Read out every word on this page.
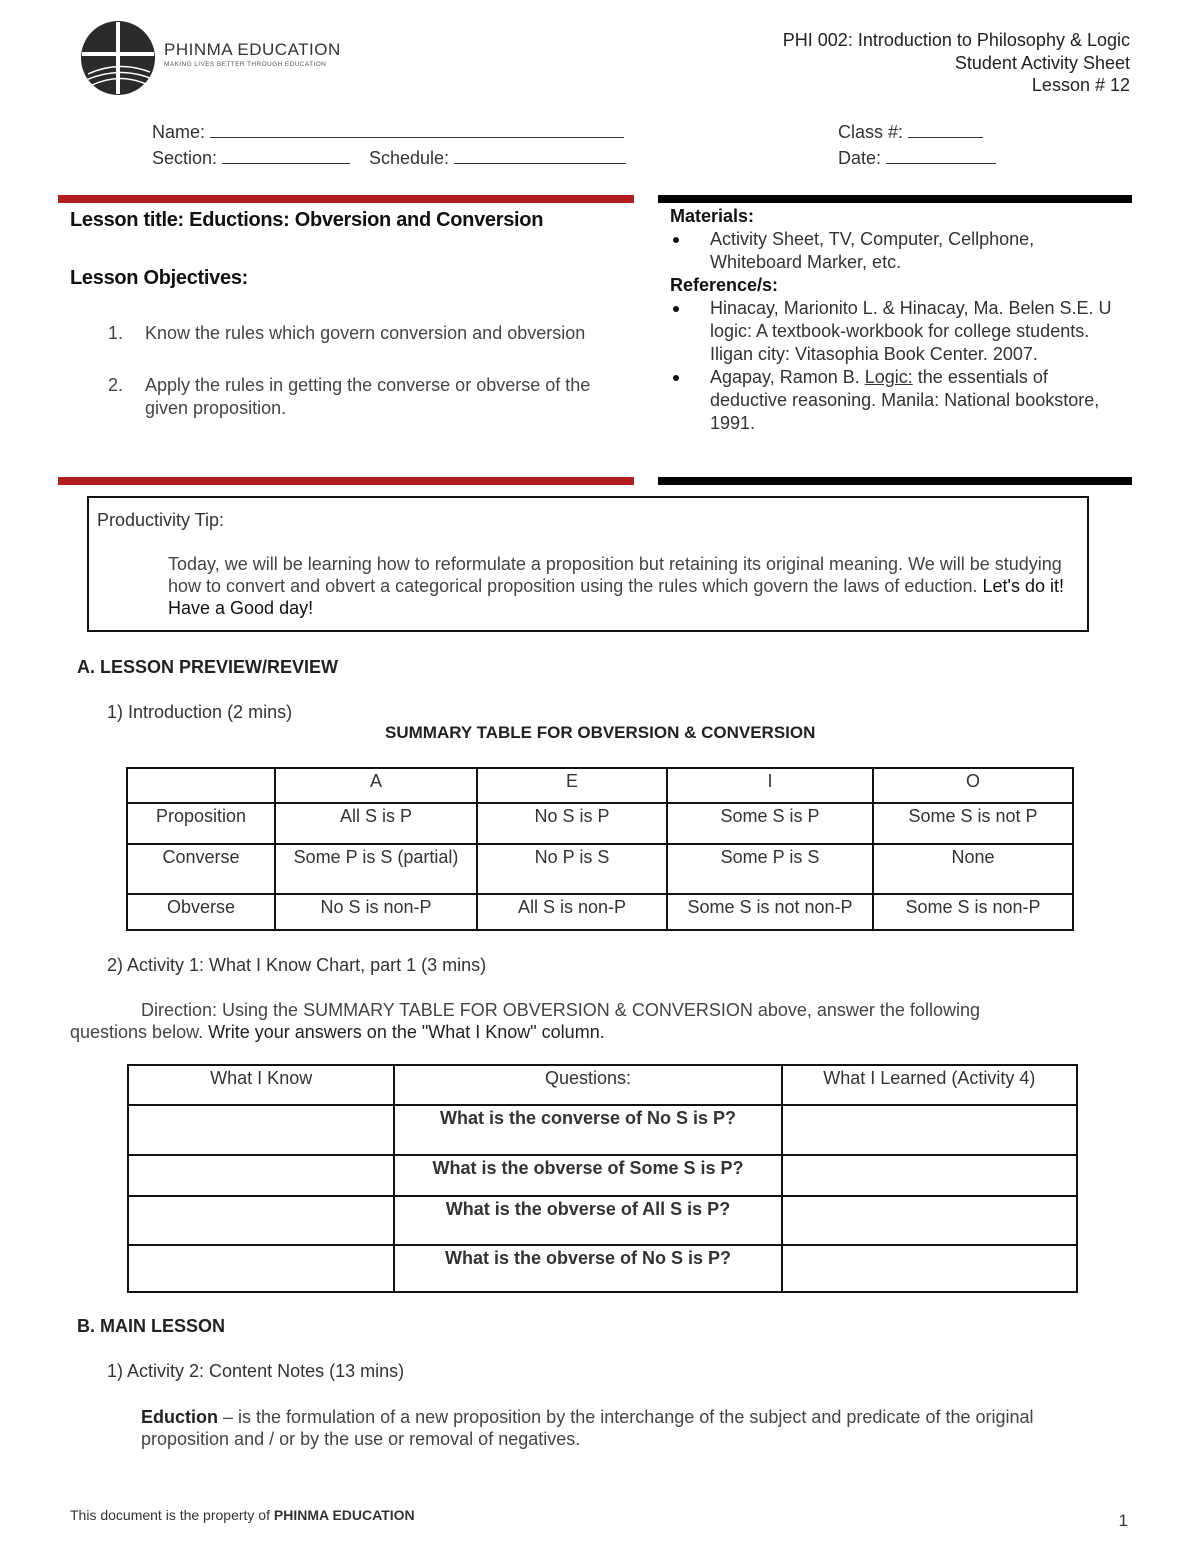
PHINMA EDUCATION
MAKING LIVES BETTER THROUGH EDUCATION
PHI 002: Introduction to Philosophy & Logic
Student Activity Sheet
Lesson # 12
Name:
Section:	Schedule:
Class #:
Date:
Lesson title: Eductions: Obversion and Conversion
Lesson Objectives:
1. Know the rules which govern conversion and obversion
2. Apply the rules in getting the converse or obverse of the given proposition.
Materials:
Activity Sheet, TV, Computer, Cellphone, Whiteboard Marker, etc.
Reference/s:
Hinacay, Marionito L. & Hinacay, Ma. Belen S.E. U logic: A textbook-workbook for college students. Iligan city: Vitasophia Book Center. 2007.
Agapay, Ramon B. Logic: the essentials of deductive reasoning. Manila: National bookstore, 1991.
Productivity Tip:
Today, we will be learning how to reformulate a proposition but retaining its original meaning. We will be studying how to convert and obvert a categorical proposition using the rules which govern the laws of eduction. Let's do it! Have a Good day!
A. LESSON PREVIEW/REVIEW
1) Introduction (2 mins)
SUMMARY TABLE FOR OBVERSION & CONVERSION
	A	E	I	O
Proposition	All S is P	No S is P	Some S is P	Some S is not P
Converse	Some P is S (partial)	No P is S	Some P is S	None
Obverse	No S is non-P	All S is non-P	Some S is not non-P	Some S is non-P
2) Activity 1: What I Know Chart, part 1 (3 mins)
Direction: Using the SUMMARY TABLE FOR OBVERSION & CONVERSION above, answer the following
questions below. Write your answers on the "What I Know" column.
What I Know	Questions:	What I Learned (Activity 4)
	What is the converse of No S is P?	
	What is the obverse of Some S is P?	
	What is the obverse of All S is P?	
	What is the obverse of No S is P?	
B. MAIN LESSON
1) Activity 2: Content Notes (13 mins)
Eduction – is the formulation of a new proposition by the interchange of the subject and predicate of the original proposition and / or by the use or removal of negatives.
This document is the property of PHINMA EDUCATION	1
